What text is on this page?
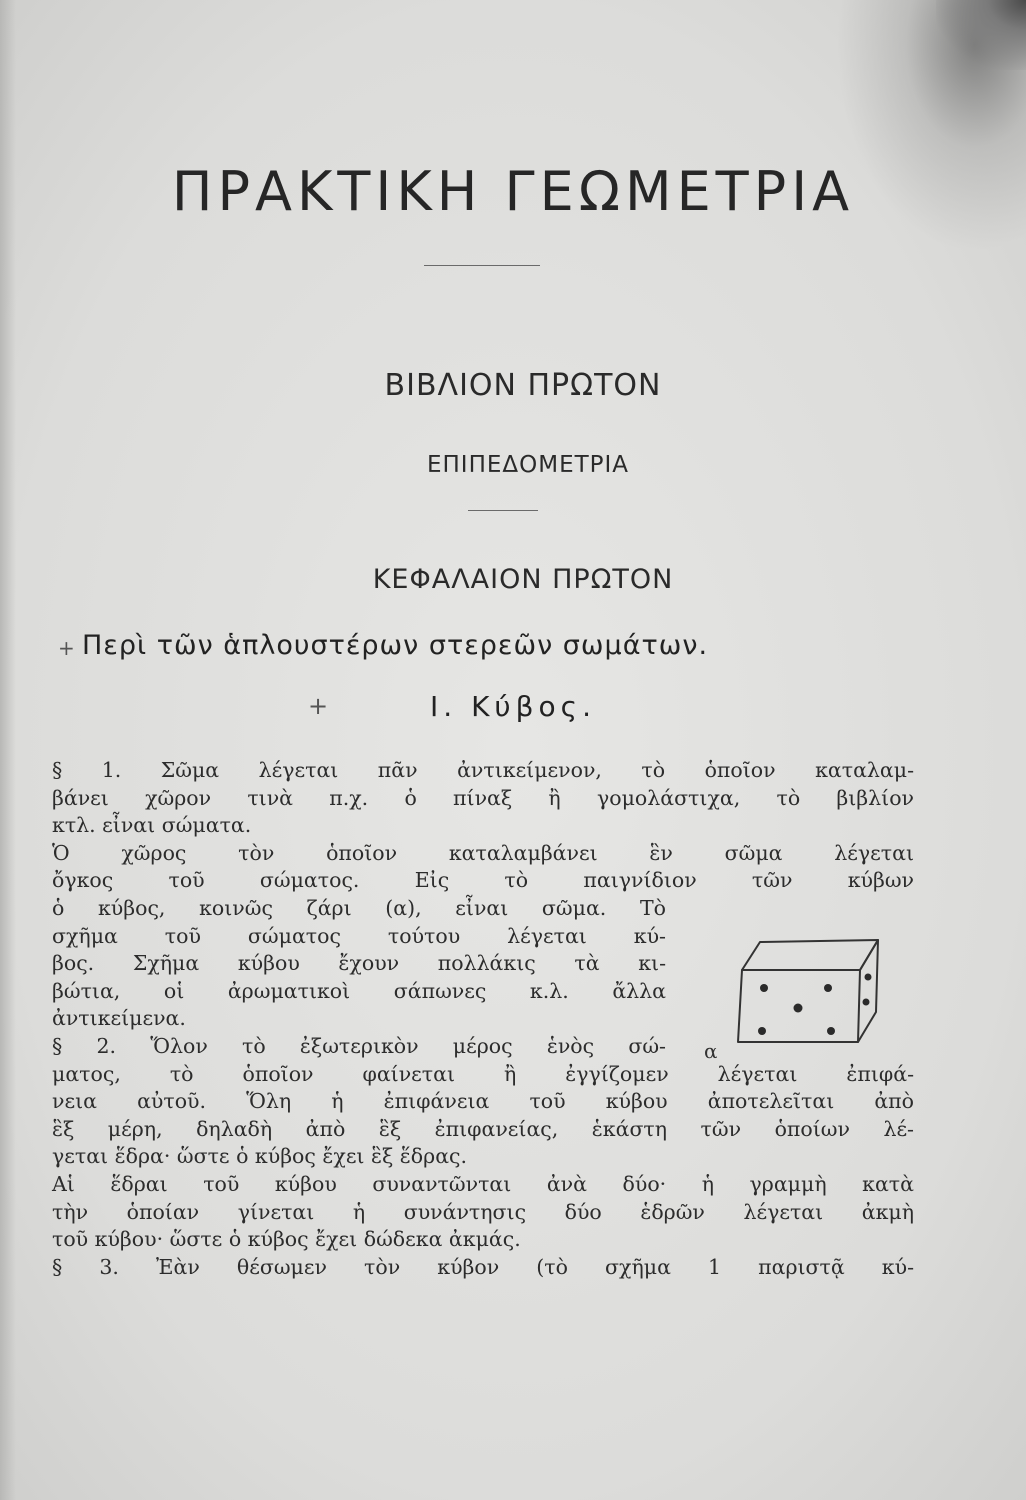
ΠΡΑΚΤΙΚΗ ΓΕΩΜΕΤΡΙΑ
ΒΙΒΛΙΟΝ ΠΡΩΤΟΝ
ΕΠΙΠΕΔΟΜΕΤΡΙΑ
ΚΕΦΑΛΑΙΟΝ ΠΡΩΤΟΝ
+ Περὶ τῶν ἁπλουστέρων στερεῶν σωμάτων.
+	I. Κύβος.
§ 1. Σῶμα λέγεται πᾶν ἀντικείμενον, τὸ ὁποῖον καταλαμ-
βάνει χῶρον τινὰ π.χ. ὁ πίναξ ἢ γομολάστιχα, τὸ βιβλίον
κτλ. εἶναι σώματα.
Ὁ χῶρος τὸν ὁποῖον καταλαμβάνει ἓν σῶμα λέγεται
ὄγκος τοῦ σώματος. Εἰς τὸ παιγνίδιον τῶν κύβων
ὁ κύβος, κοινῶς ζάρι (α), εἶναι σῶμα. Τὸ
σχῆμα τοῦ σώματος τούτου λέγεται κύ-
βος. Σχῆμα κύβου ἔχουν πολλάκις τὰ κι-
βώτια, οἱ ἀρωματικοὶ σάπωνες κ.λ. ἄλλα
ἀντικείμενα.
§ 2. Ὅλον τὸ ἐξωτερικὸν μέρος ἑνὸς σώ-
ματος, τὸ ὁποῖον φαίνεται ἢ ἐγγίζομεν λέγεται ἐπιφά-
νεια αὐτοῦ. Ὅλη ἡ ἐπιφάνεια τοῦ κύβου ἀποτελεῖται ἀπὸ
ἓξ μέρη, δηλαδὴ ἀπὸ ἓξ ἐπιφανείας, ἑκάστη τῶν ὁποίων λέ-
γεται ἕδρα· ὥστε ὁ κύβος ἔχει ἓξ ἕδρας.
Αἱ ἕδραι τοῦ κύβου συναντῶνται ἀνὰ δύο· ἡ γραμμὴ κατὰ
τὴν ὁποίαν γίνεται ἡ συνάντησις δύο ἑδρῶν λέγεται ἀκμὴ
τοῦ κύβου· ὥστε ὁ κύβος ἔχει δώδεκα ἀκμάς.
§ 3. Ἐὰν θέσωμεν τὸν κύβον (τὸ σχῆμα 1 παριστᾷ κύ-
α
